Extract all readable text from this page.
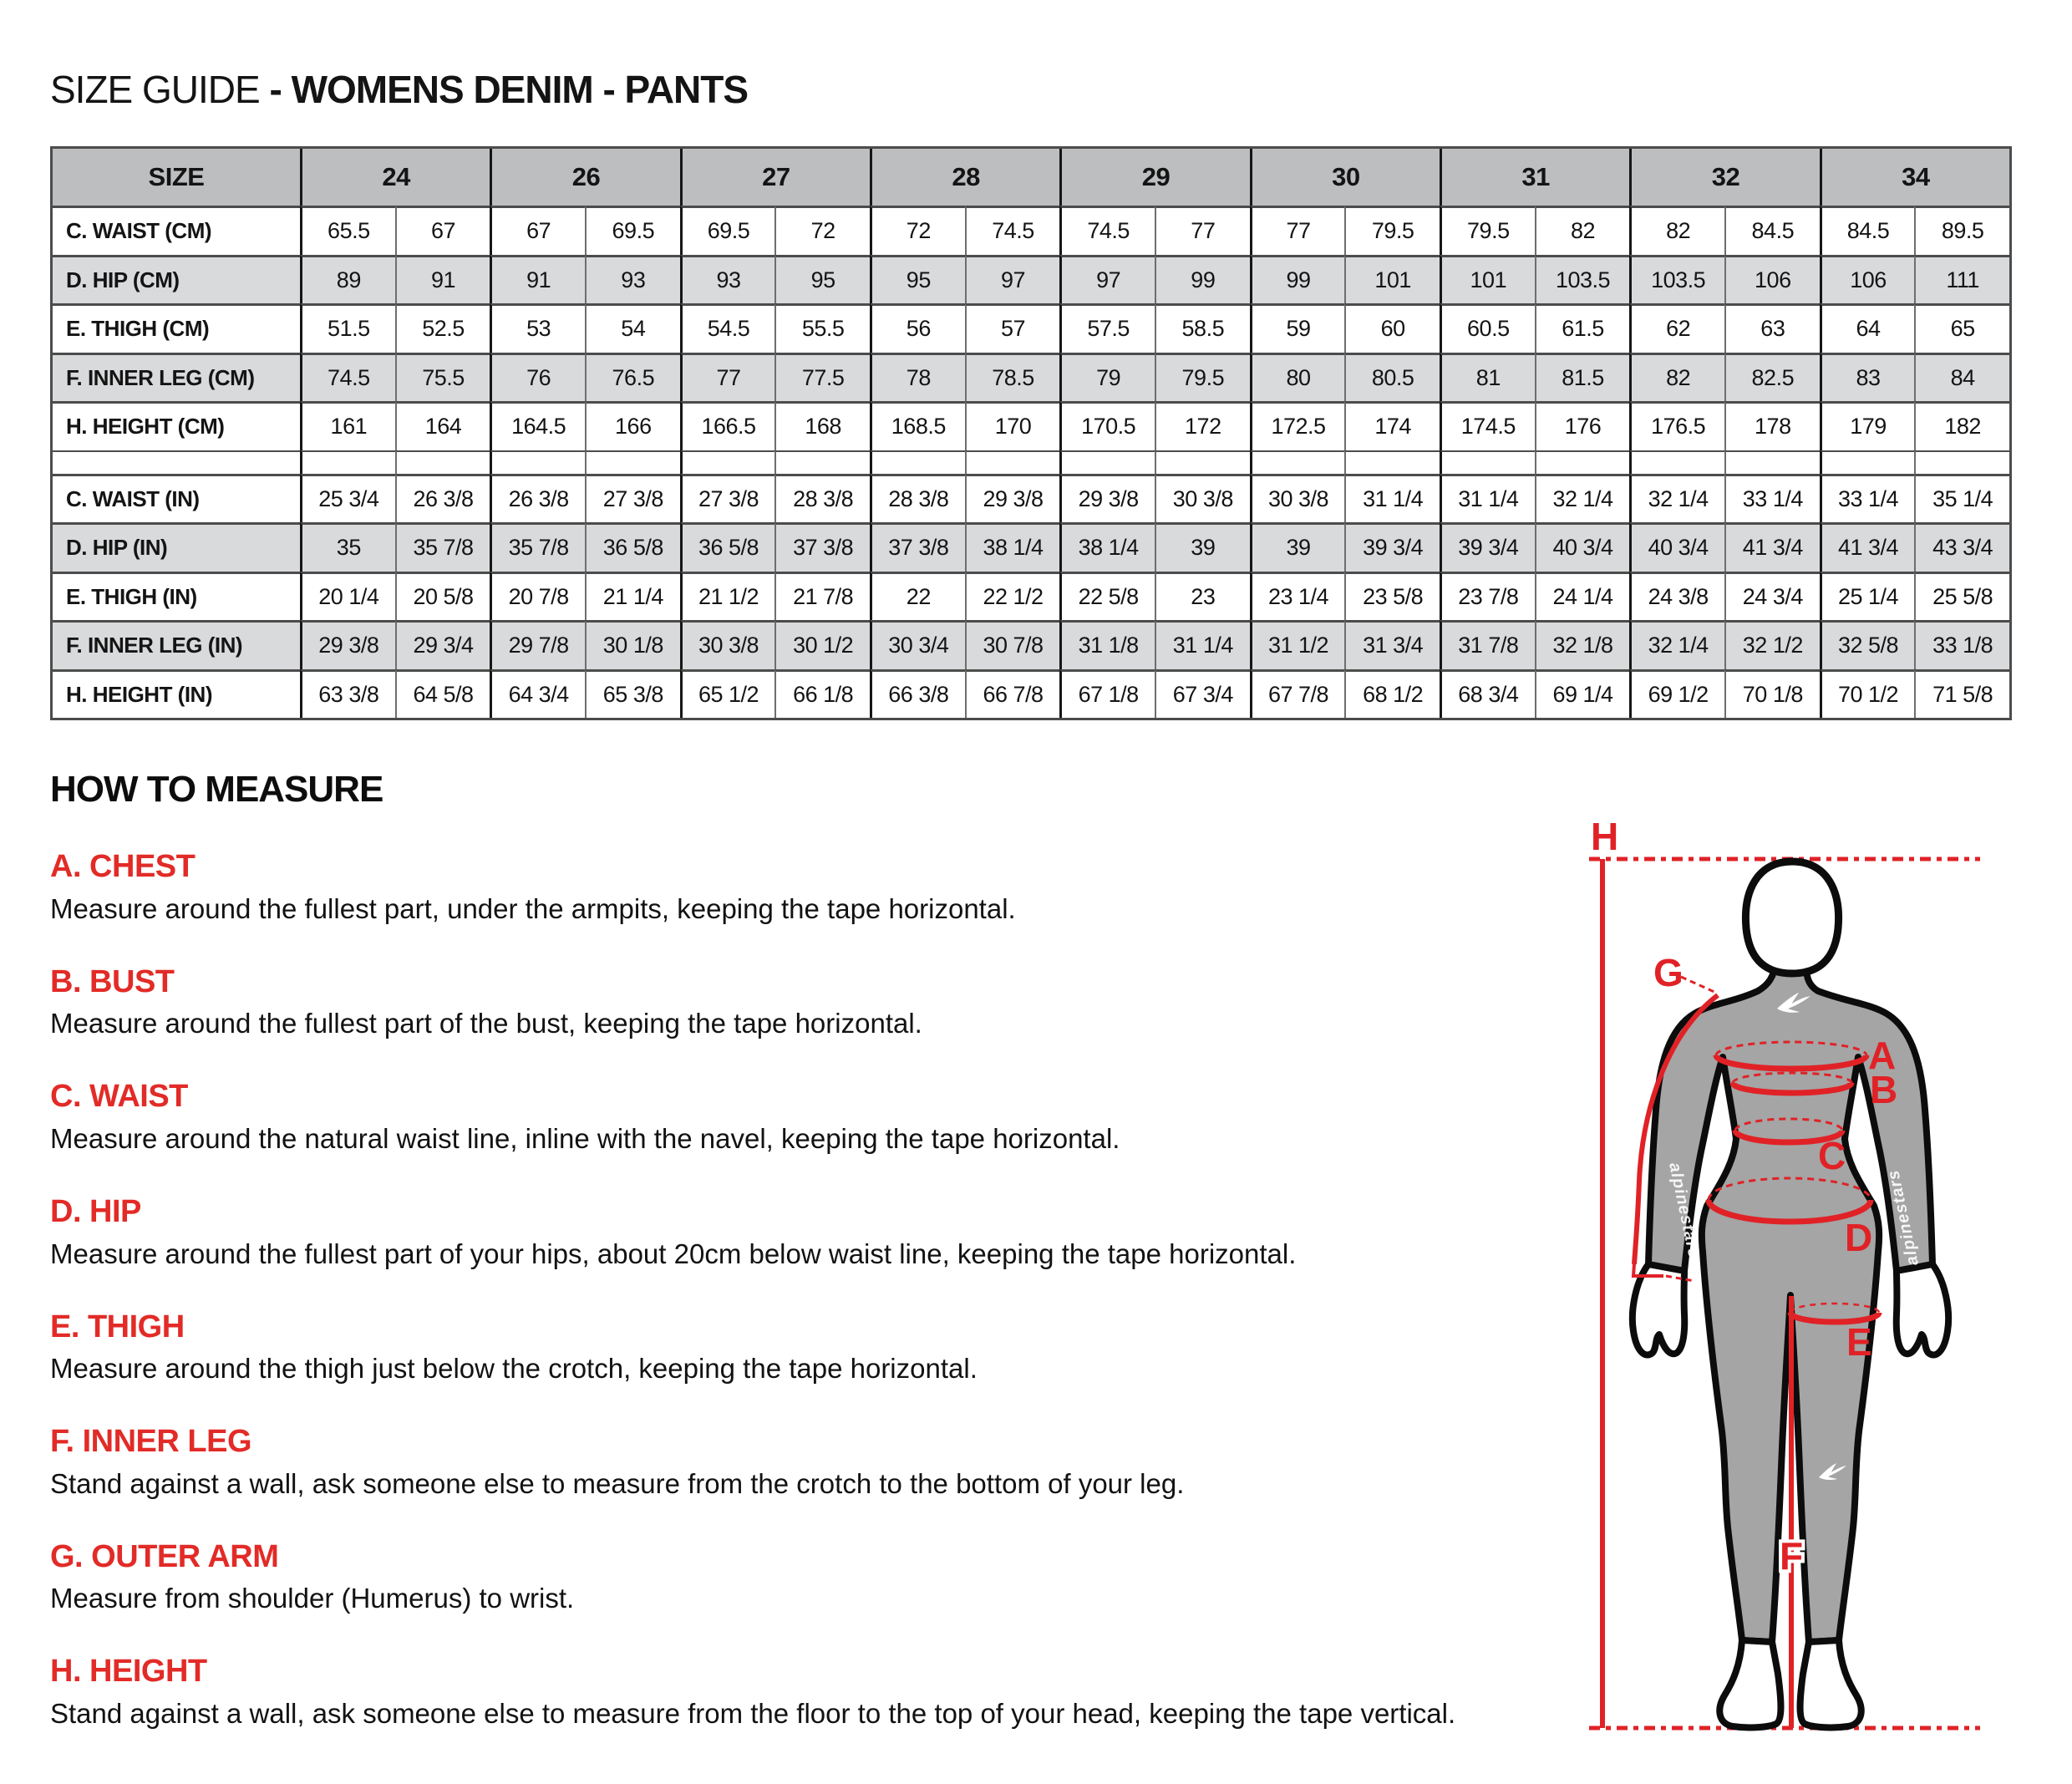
SIZE GUIDE - WOMENS DENIM - PANTS
SIZE	24	26	27	28	29	30	31	32	34
C. WAIST (CM)	65.5	67	67	69.5	69.5	72	72	74.5	74.5	77	77	79.5	79.5	82	82	84.5	84.5	89.5
D. HIP (CM)	89	91	91	93	93	95	95	97	97	99	99	101	101	103.5	103.5	106	106	111
E. THIGH (CM)	51.5	52.5	53	54	54.5	55.5	56	57	57.5	58.5	59	60	60.5	61.5	62	63	64	65
F. INNER LEG (CM)	74.5	75.5	76	76.5	77	77.5	78	78.5	79	79.5	80	80.5	81	81.5	82	82.5	83	84
H. HEIGHT (CM)	161	164	164.5	166	166.5	168	168.5	170	170.5	172	172.5	174	174.5	176	176.5	178	179	182
C. WAIST (IN)	25 3/4	26 3/8	26 3/8	27 3/8	27 3/8	28 3/8	28 3/8	29 3/8	29 3/8	30 3/8	30 3/8	31 1/4	31 1/4	32 1/4	32 1/4	33 1/4	33 1/4	35 1/4
D. HIP (IN)	35	35 7/8	35 7/8	36 5/8	36 5/8	37 3/8	37 3/8	38 1/4	38 1/4	39	39	39 3/4	39 3/4	40 3/4	40 3/4	41 3/4	41 3/4	43 3/4
E. THIGH (IN)	20 1/4	20 5/8	20 7/8	21 1/4	21 1/2	21 7/8	22	22 1/2	22 5/8	23	23 1/4	23 5/8	23 7/8	24 1/4	24 3/8	24 3/4	25 1/4	25 5/8
F. INNER LEG (IN)	29 3/8	29 3/4	29 7/8	30 1/8	30 3/8	30 1/2	30 3/4	30 7/8	31 1/8	31 1/4	31 1/2	31 3/4	31 7/8	32 1/8	32 1/4	32 1/2	32 5/8	33 1/8
H. HEIGHT (IN)	63 3/8	64 5/8	64 3/4	65 3/8	65 1/2	66 1/8	66 3/8	66 7/8	67 1/8	67 3/4	67 7/8	68 1/2	68 3/4	69 1/4	69 1/2	70 1/8	70 1/2	71 5/8
HOW TO MEASURE
A. CHEST

Measure around the fullest part, under the armpits, keeping the tape horizontal.

B. BUST

Measure around the fullest part of the bust, keeping the tape horizontal.

C. WAIST

Measure around the natural waist line, inline with the navel, keeping the tape horizontal.

D. HIP

Measure around the fullest part of your hips, about 20cm below waist line, keeping the tape horizontal.

E. THIGH

Measure around the thigh just below the crotch, keeping the tape horizontal.

F. INNER LEG

Stand against a wall, ask someone else to measure from the crotch to the bottom of your leg.

G. OUTER ARM

Measure from shoulder (Humerus) to wrist.

H. HEIGHT

Stand against a wall, ask someone else to measure from the floor to the top of your head, keeping the tape vertical.

H
alpinestars	alpinestars
A
B
C
D
E
F
G
